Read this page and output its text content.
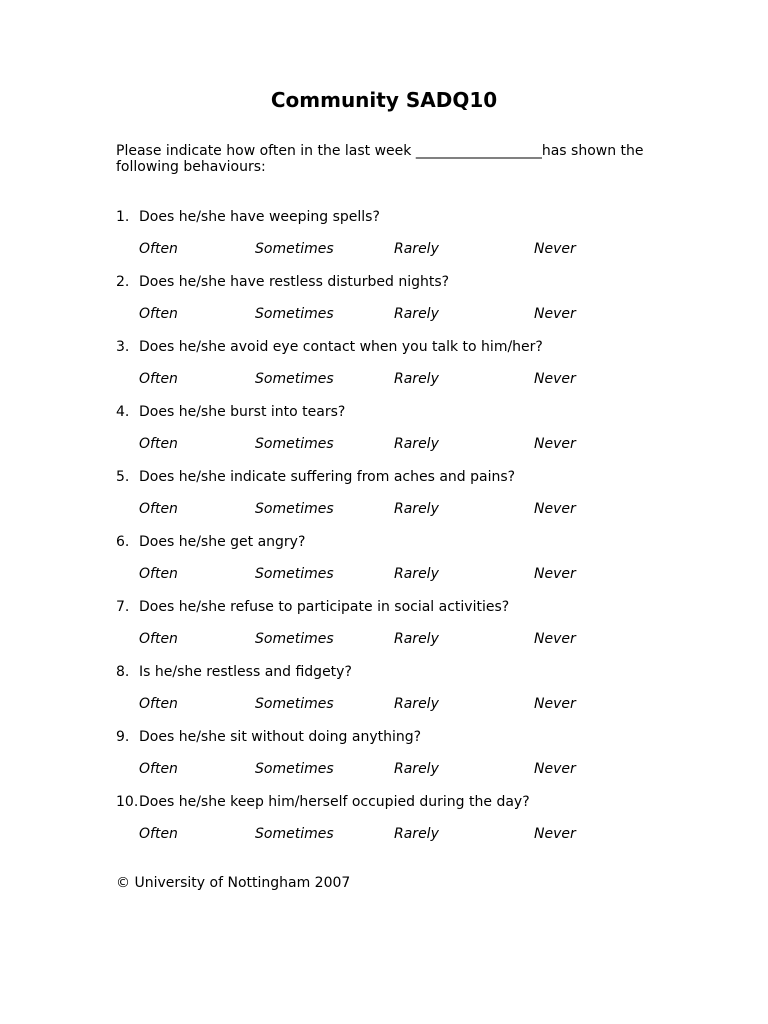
Community SADQ10

Please indicate how often in the last week __________________has shown the following behaviours:

1. Does he/she have weeping spells?
Often	Sometimes	Rarely	Never
2. Does he/she have restless disturbed nights?
Often	Sometimes	Rarely	Never
3. Does he/she avoid eye contact when you talk to him/her?
Often	Sometimes	Rarely	Never
4. Does he/she burst into tears?
Often	Sometimes	Rarely	Never
5. Does he/she indicate suffering from aches and pains?
Often	Sometimes	Rarely	Never
6. Does he/she get angry?
Often	Sometimes	Rarely	Never
7. Does he/she refuse to participate in social activities?
Often	Sometimes	Rarely	Never
8. Is he/she restless and fidgety?
Often	Sometimes	Rarely	Never
9. Does he/she sit without doing anything?
Often	Sometimes	Rarely	Never
10.Does he/she keep him/herself occupied during the day?
Often	Sometimes	Rarely	Never

© University of Nottingham 2007
